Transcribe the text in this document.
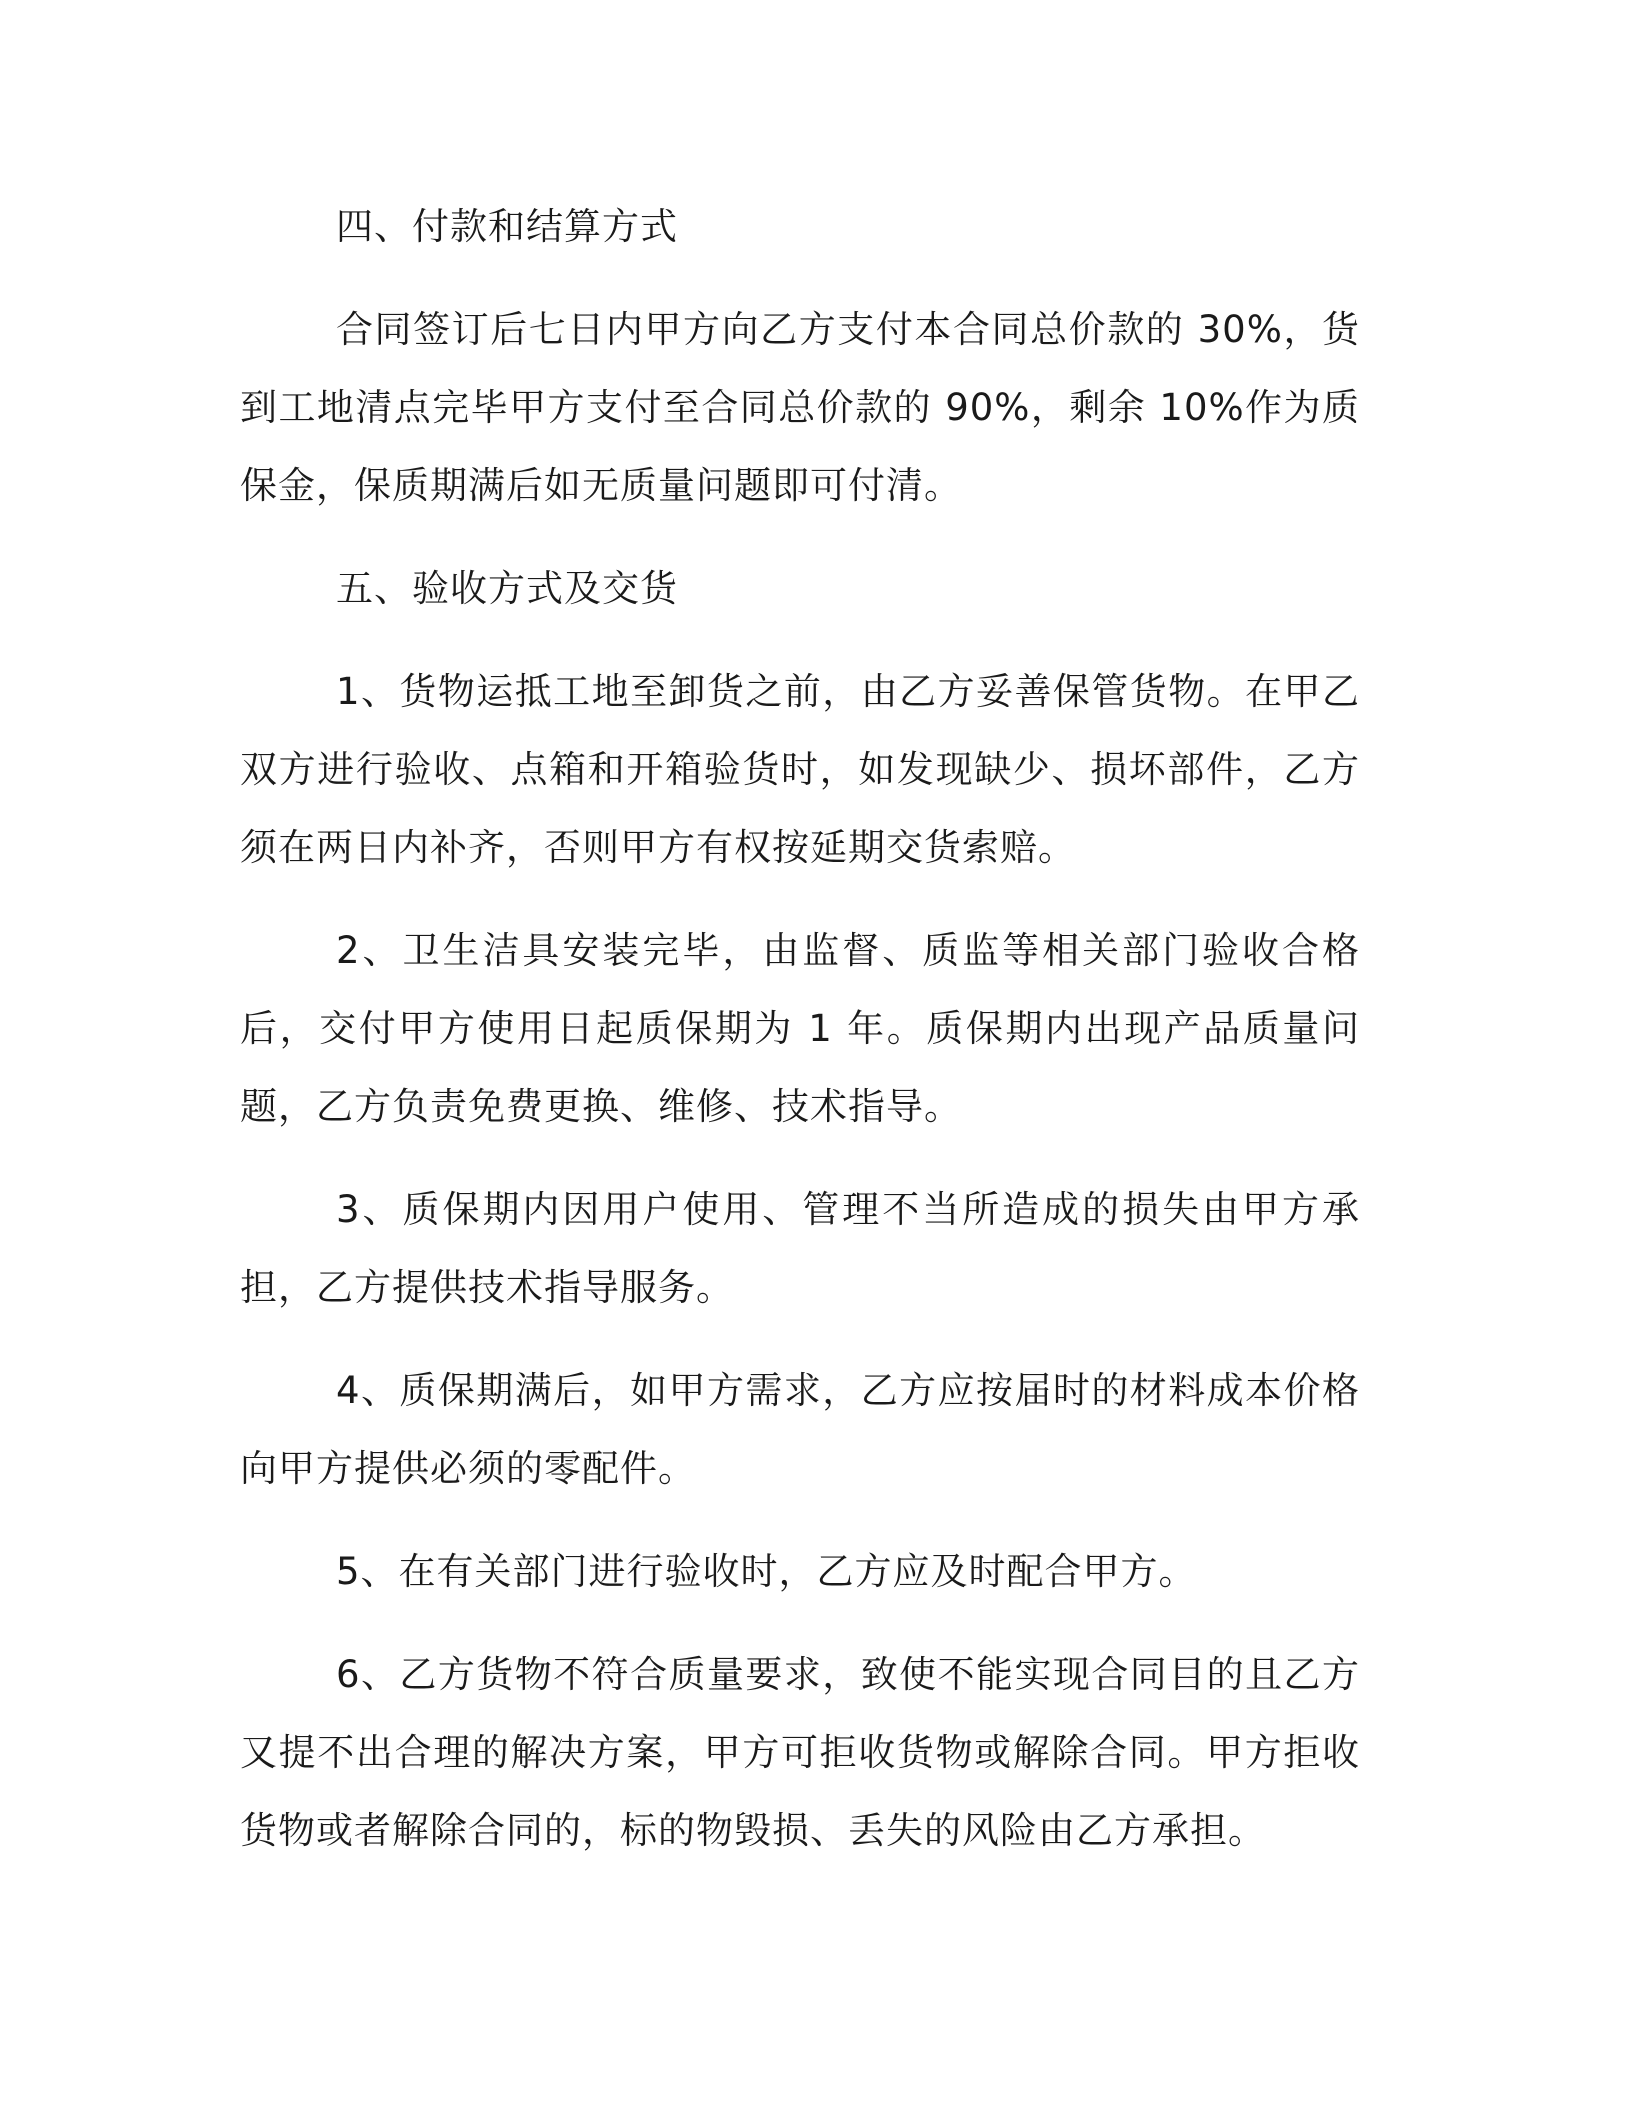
四、付款和结算方式

合同签订后七日内甲方向乙方支付本合同总价款的 30%，货到工地清点完毕甲方支付至合同总价款的 90%，剩余 10%作为质保金，保质期满后如无质量问题即可付清。

五、验收方式及交货

1、货物运抵工地至卸货之前，由乙方妥善保管货物。在甲乙双方进行验收、点箱和开箱验货时，如发现缺少、损坏部件，乙方须在两日内补齐，否则甲方有权按延期交货索赔。

2、卫生洁具安装完毕，由监督、质监等相关部门验收合格后，交付甲方使用日起质保期为 1 年。质保期内出现产品质量问题，乙方负责免费更换、维修、技术指导。

3、质保期内因用户使用、管理不当所造成的损失由甲方承担，乙方提供技术指导服务。

4、质保期满后，如甲方需求，乙方应按届时的材料成本价格向甲方提供必须的零配件。

5、在有关部门进行验收时，乙方应及时配合甲方。

6、乙方货物不符合质量要求，致使不能实现合同目的且乙方又提不出合理的解决方案，甲方可拒收货物或解除合同。甲方拒收货物或者解除合同的，标的物毁损、丢失的风险由乙方承担。
